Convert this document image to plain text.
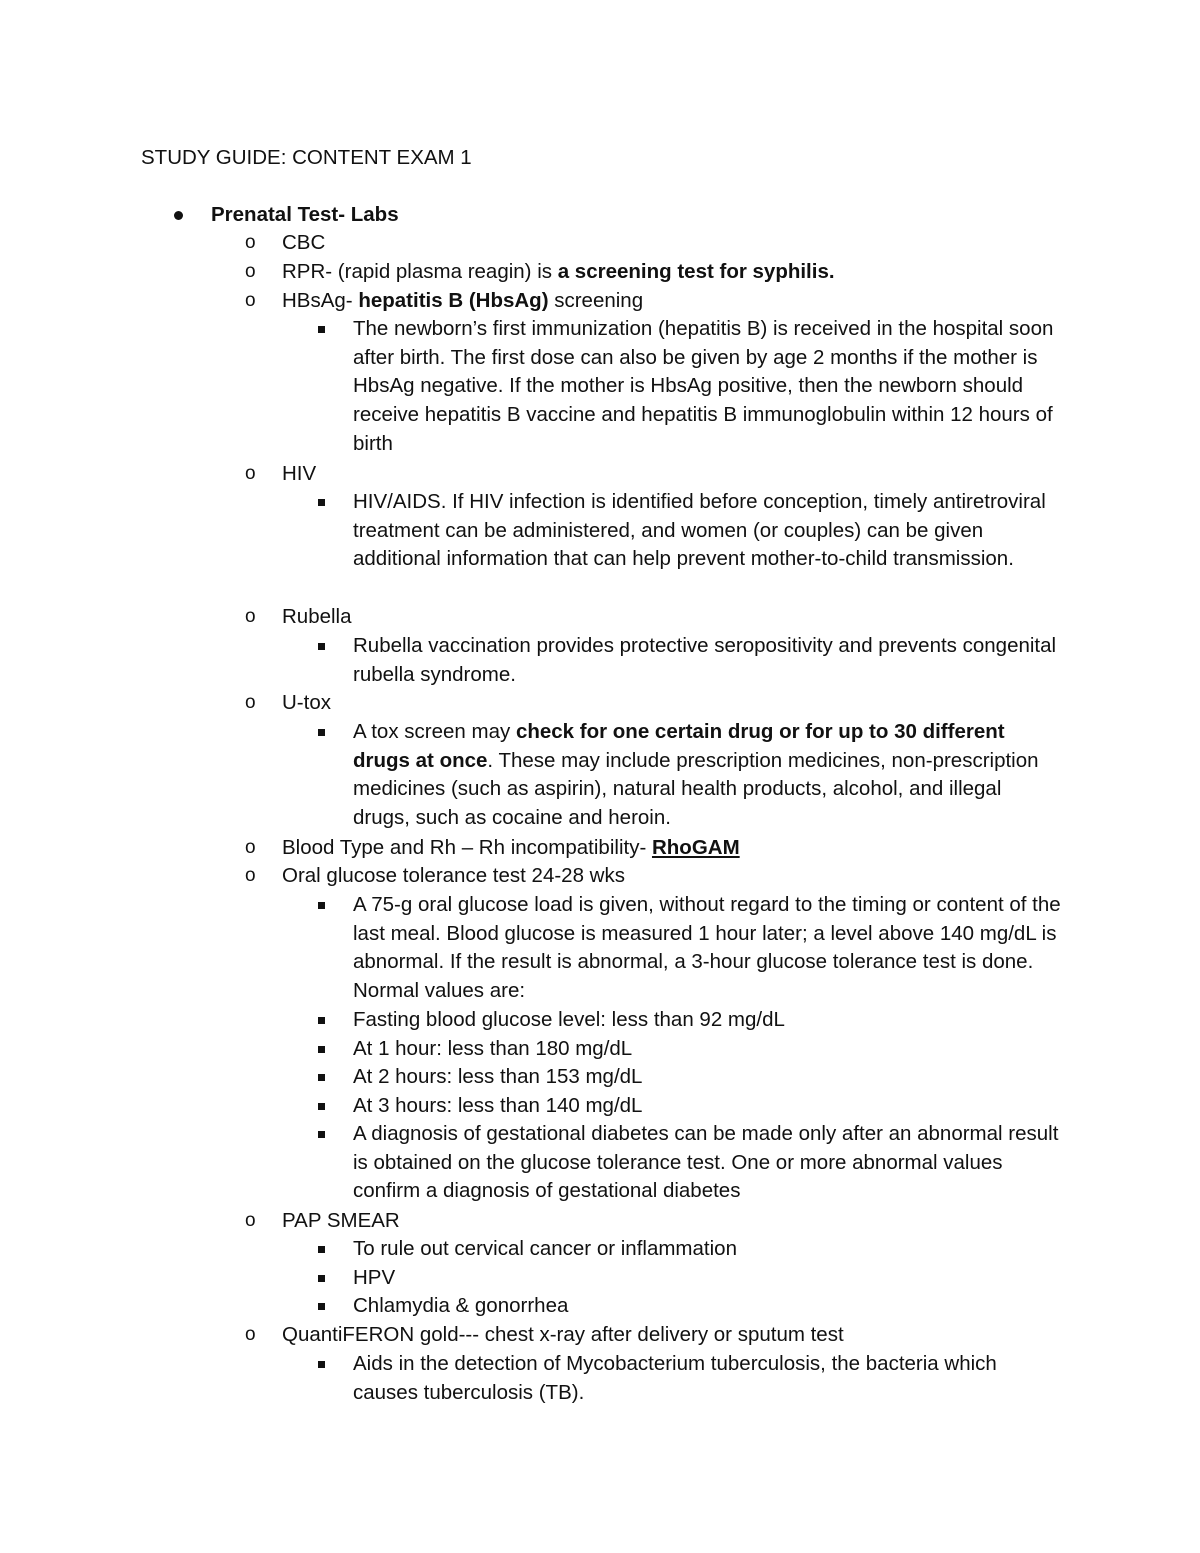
STUDY GUIDE: CONTENT EXAM 1
Prenatal Test- Labs
o CBC
o RPR- (rapid plasma reagin) is a screening test for syphilis.
o HBsAg- hepatitis B (HbsAg) screening
The newborn’s first immunization (hepatitis B) is received in the hospital soon after birth. The first dose can also be given by age 2 months if the mother is HbsAg negative. If the mother is HbsAg positive, then the newborn should receive hepatitis B vaccine and hepatitis B immunoglobulin within 12 hours of birth
o HIV
HIV/AIDS. If HIV infection is identified before conception, timely antiretroviral treatment can be administered, and women (or couples) can be given additional information that can help prevent mother-to-child transmission.
o Rubella
Rubella vaccination provides protective seropositivity and prevents congenital rubella syndrome.
o U-tox
A tox screen may check for one certain drug or for up to 30 different drugs at once. These may include prescription medicines, non-prescription medicines (such as aspirin), natural health products, alcohol, and illegal drugs, such as cocaine and heroin.
o Blood Type and Rh – Rh incompatibility- RhoGAM
o Oral glucose tolerance test 24-28 wks
A 75-g oral glucose load is given, without regard to the timing or content of the last meal. Blood glucose is measured 1 hour later; a level above 140 mg/dL is abnormal. If the result is abnormal, a 3-hour glucose tolerance test is done. Normal values are:
Fasting blood glucose level: less than 92 mg/dL
At 1 hour: less than 180 mg/dL
At 2 hours: less than 153 mg/dL
At 3 hours: less than 140 mg/dL
A diagnosis of gestational diabetes can be made only after an abnormal result is obtained on the glucose tolerance test. One or more abnormal values confirm a diagnosis of gestational diabetes
o PAP SMEAR
To rule out cervical cancer or inflammation
HPV
Chlamydia & gonorrhea
o QuantiFERON gold--- chest x-ray after delivery or sputum test
Aids in the detection of Mycobacterium tuberculosis, the bacteria which causes tuberculosis (TB).
